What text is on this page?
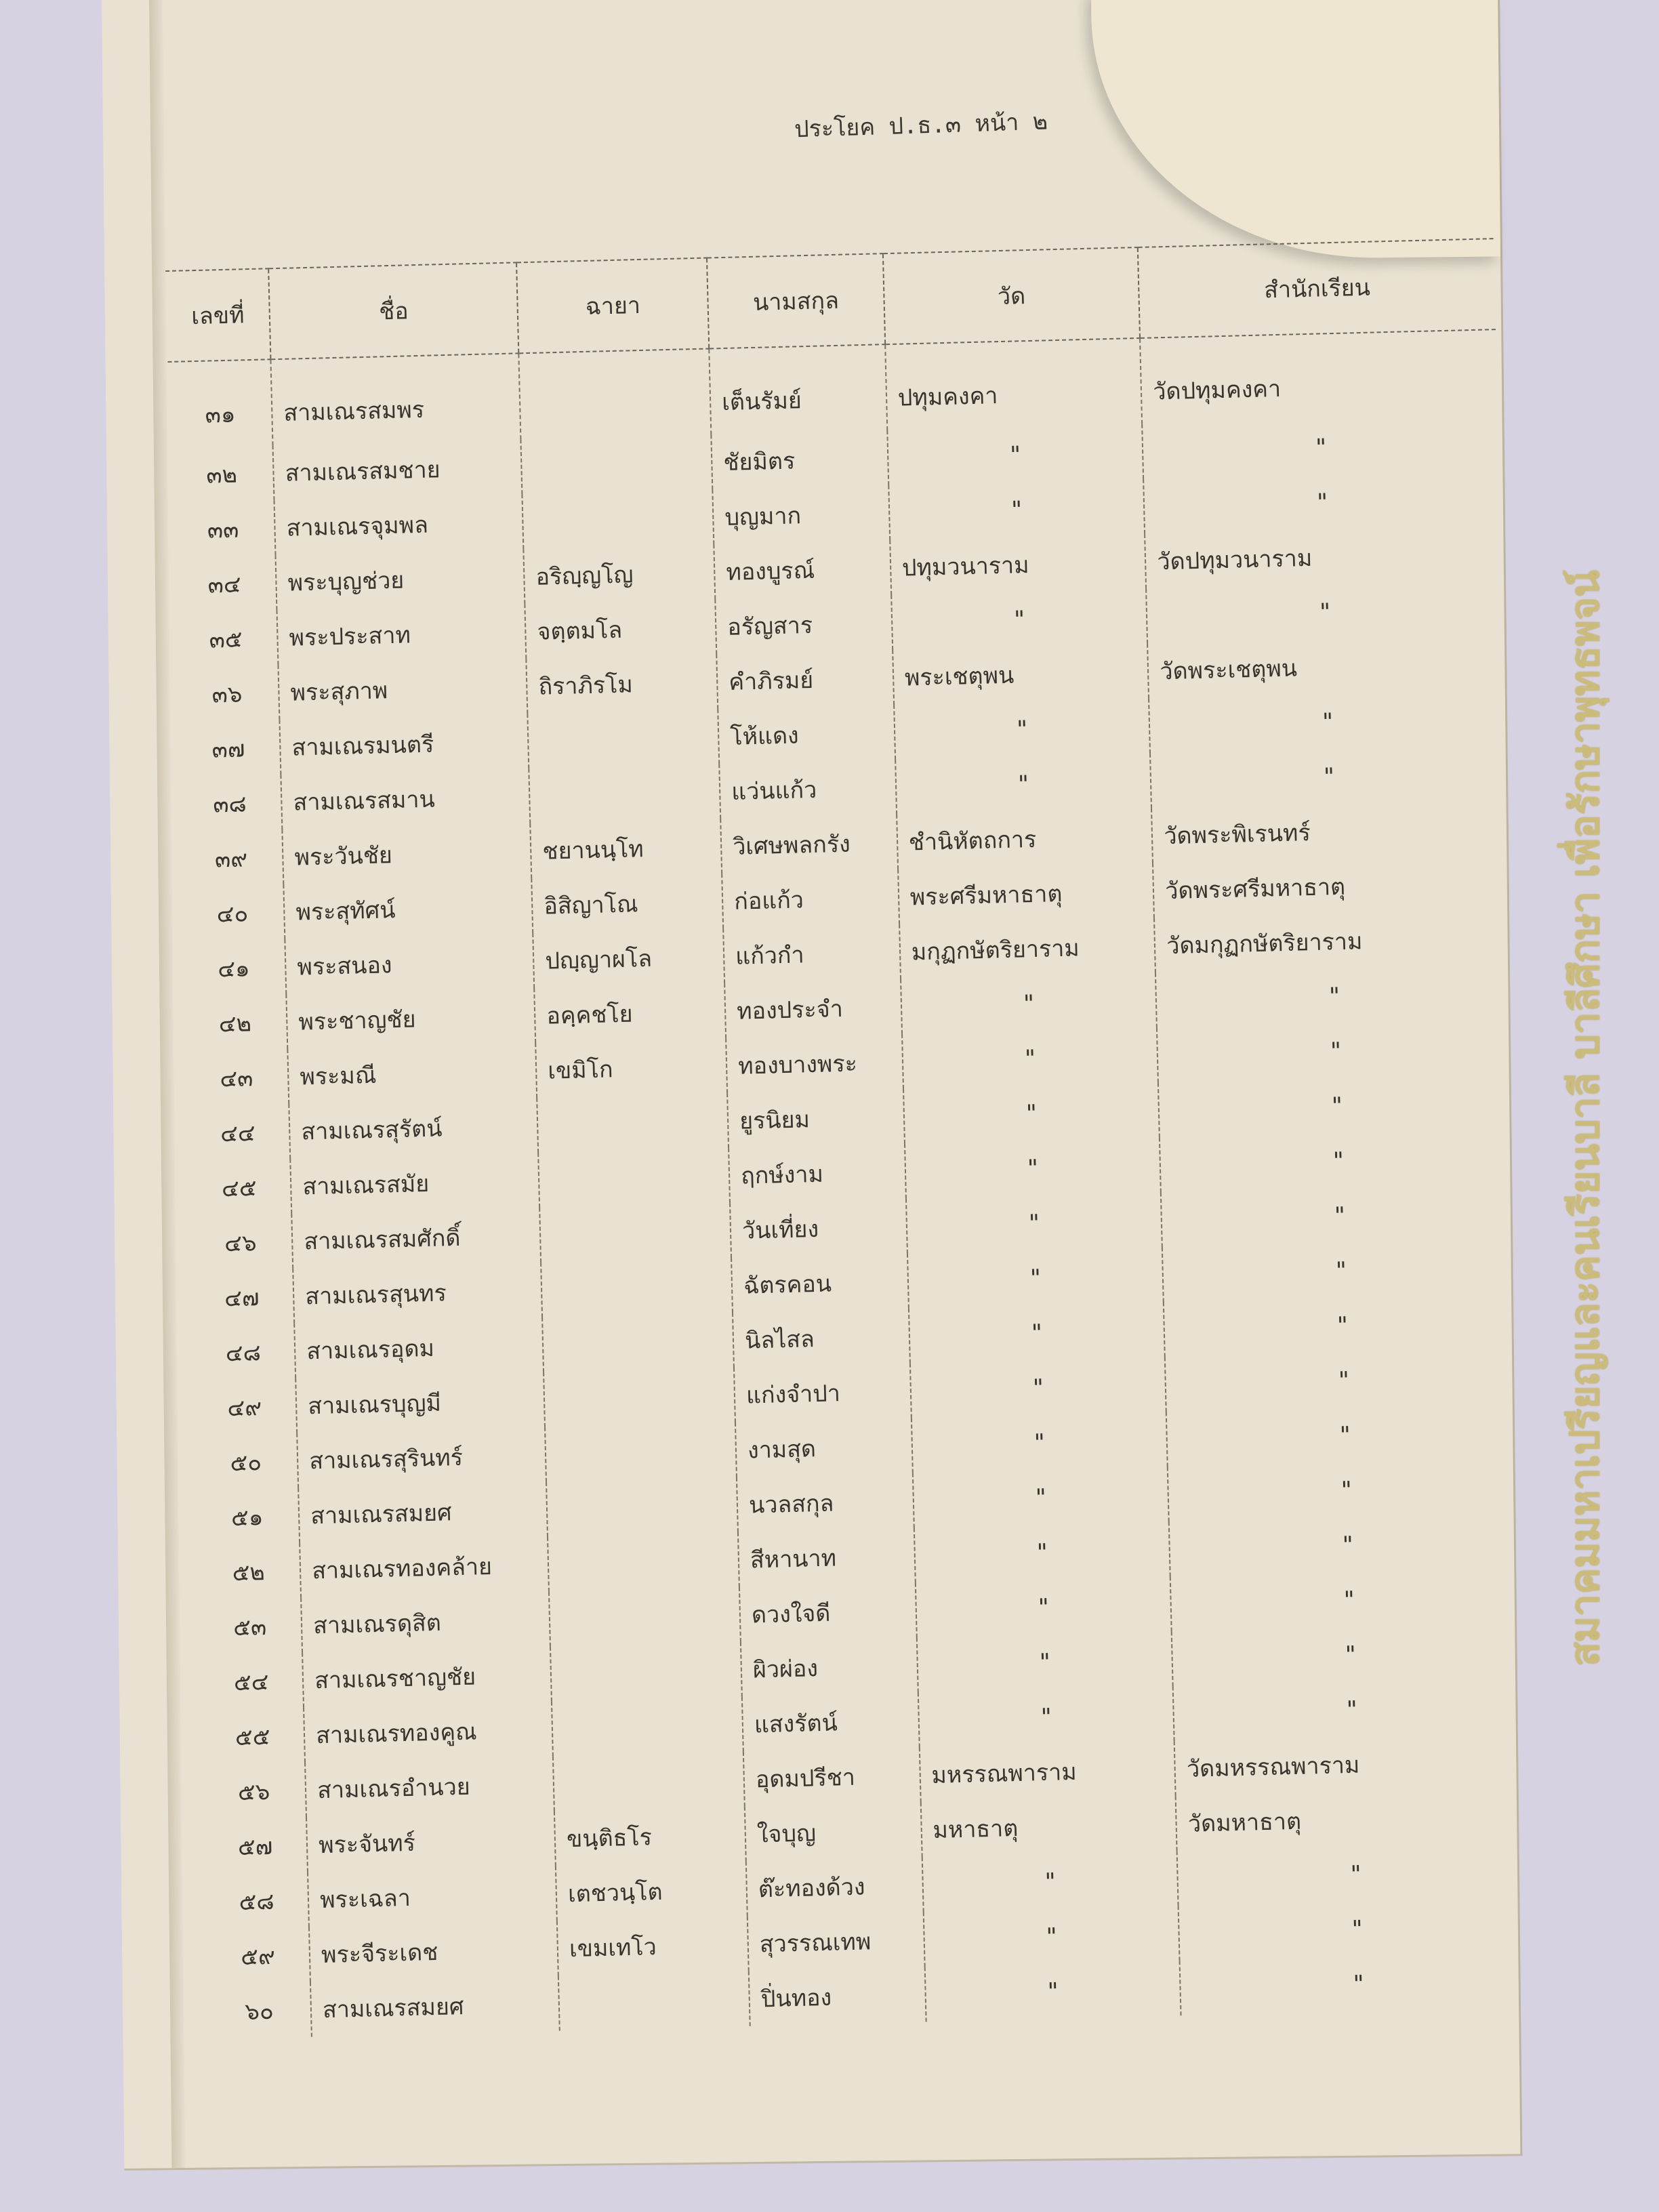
ประโยค ป.ธ.๓ หน้า ๒
เลขที่	ชื่อ	ฉายา	นามสกุล	วัด	สำนักเรียน
๓๑	สามเณรสมพร		เต็นรัมย์	ปทุมคงคา	วัดปทุมคงคา
๓๒	สามเณรสมชาย		ชัยมิตร	"	"
๓๓	สามเณรจุมพล		บุญมาก	"	"
๓๔	พระบุญช่วย	อริญฺญโญ	ทองบูรณ์	ปทุมวนาราม	วัดปทุมวนาราม
๓๕	พระประสาท	จตฺตมโล	อรัญสาร	"	"
๓๖	พระสุภาพ	ถิราภิรโม	คำภิรมย์	พระเชตุพน	วัดพระเชตุพน
๓๗	สามเณรมนตรี		โห้แดง	"	"
๓๘	สามเณรสมาน		แว่นแก้ว	"	"
๓๙	พระวันชัย	ชยานนฺโท	วิเศษพลกรัง	ชำนิหัตถการ	วัดพระพิเรนทร์
๔๐	พระสุทัศน์	อิสิญาโณ	ก่อแก้ว	พระศรีมหาธาตุ	วัดพระศรีมหาธาตุ
๔๑	พระสนอง	ปญฺญาผโล	แก้วกำ	มกุฏกษัตริยาราม	วัดมกุฏกษัตริยาราม
๔๒	พระชาญชัย	อคฺคชโย	ทองประจำ	"	"
๔๓	พระมณี	เขมิโก	ทองบางพระ	"	"
๔๔	สามเณรสุรัตน์		ยูรนิยม	"	"
๔๕	สามเณรสมัย		ฤกษ์งาม	"	"
๔๖	สามเณรสมศักดิ์		วันเที่ยง	"	"
๔๗	สามเณรสุนทร		ฉัตรคอน	"	"
๔๘	สามเณรอุดม		นิลไสล	"	"
๔๙	สามเณรบุญมี		แก่งจำปา	"	"
๕๐	สามเณรสุรินทร์		งามสุด	"	"
๕๑	สามเณรสมยศ		นวลสกุล	"	"
๕๒	สามเณรทองคล้าย		สีหานาท	"	"
๕๓	สามเณรดุสิต		ดวงใจดี	"	"
๕๔	สามเณรชาญชัย		ผิวผ่อง	"	"
๕๕	สามเณรทองคูณ		แสงรัตน์	"	"
๕๖	สามเณรอำนวย		อุดมปรีชา	มหรรณพาราม	วัดมหรรณพาราม
๕๗	พระจันทร์	ขนฺติธโร	ใจบุญ	มหาธาตุ	วัดมหาธาตุ
๕๘	พระเฉลา	เตชวนฺโต	ต๊ะทองด้วง	"	"
๕๙	พระจีระเดช	เขมเทโว	สุวรรณเทพ	"	"
๖๐	สามเณรสมยศ		ปิ่นทอง	"	"
สมาคมมหาเปรียญและคนเรียนบาลี บาลีศึกษา เพื่อรักษาพุทธพจน์
